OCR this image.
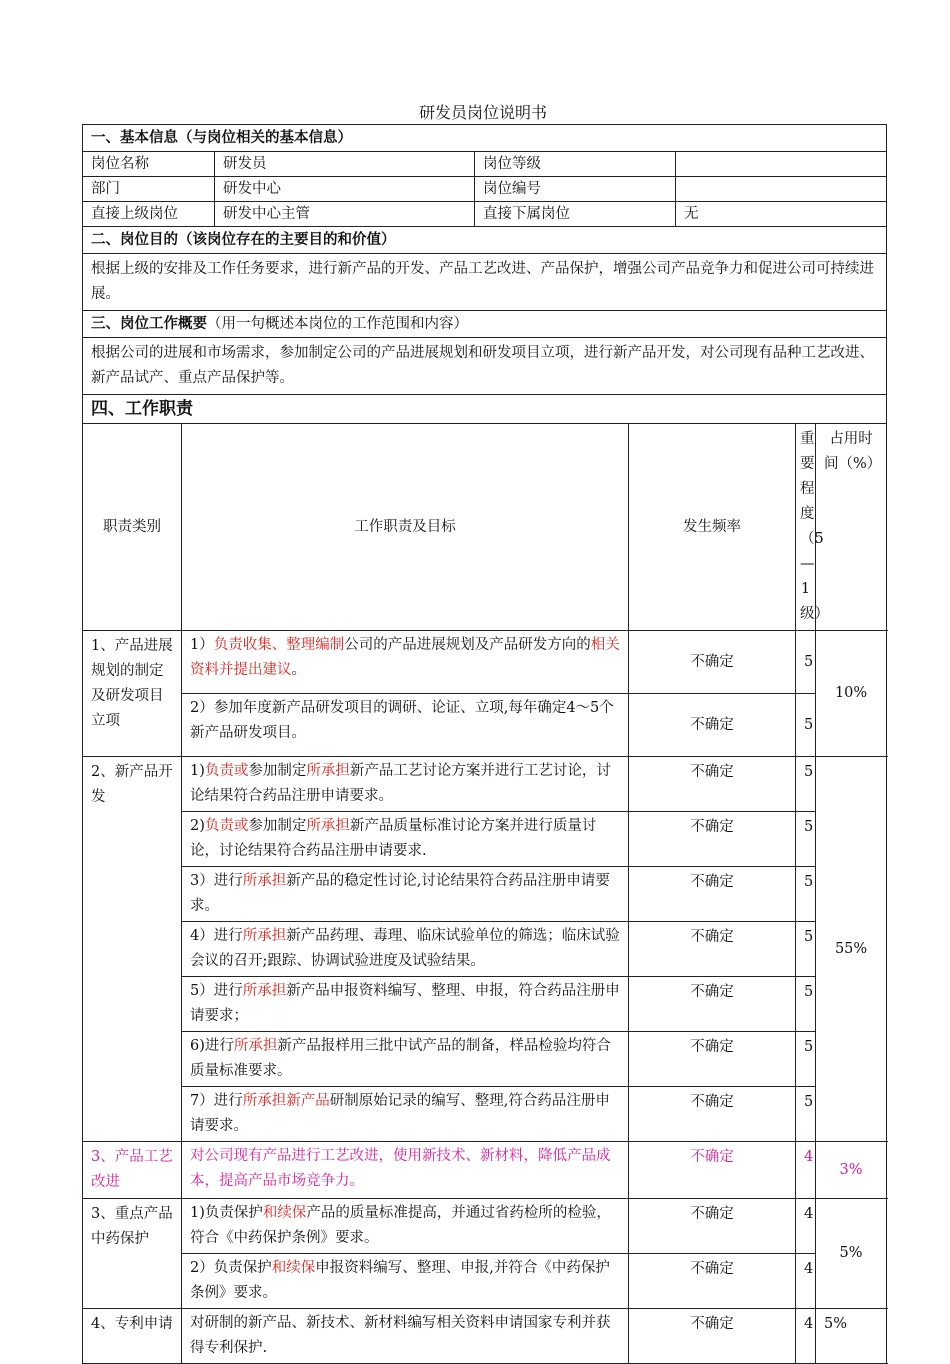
研发员岗位说明书
一、基本信息（与岗位相关的基本信息）							
岗位名称		研发员	岗位等级				
部门		研发中心	岗位编号				
直接上级岗位		研发中心主管	直接下属岗位		无		
二、岗位目的（该岗位存在的主要目的和价值）							
根据上级的安排及工作任务要求，进行新产品的开发、产品工艺改进、产品保护，增强公司产品竞争力和促进公司可持续进展。							
三、岗位工作概要（用一句概述本岗位的工作范围和内容）							
根据公司的进展和市场需求，参加制定公司的产品进展规划和研发项目立项，进行新产品开发，对公司现有品种工艺改进、新产品试产、重点产品保护等。							
四、工作职责							
职责类别	工作职责及目标			发生频率		重要程度（5—1级）	占用时间（%）
1、产品进展规划的制定及研发项目立项	1）负责收集、整理编制公司的产品进展规划及产品研发方向的相关资料并提出建议。			不确定		5	10%
	2）参加年度新产品研发项目的调研、论证、立项,每年确定4～5个新产品研发项目。			不确定		5	
2、新产品开发	1)负责或参加制定所承担新产品工艺讨论方案并进行工艺讨论，讨论结果符合药品注册申请要求。			不确定		5	55%
	2)负责或参加制定所承担新产品质量标准讨论方案并进行质量讨论，讨论结果符合药品注册申请要求.			不确定		5	
	3）进行所承担新产品的稳定性讨论,讨论结果符合药品注册申请要求。			不确定		5	
	4）进行所承担新产品药理、毒理、临床试验单位的筛选；临床试验会议的召开;跟踪、协调试验进度及试验结果。			不确定		5	
	5）进行所承担新产品申报资料编写、整理、申报，符合药品注册申请要求；			不确定		5	
	6)进行所承担新产品报样用三批中试产品的制备，样品检验均符合质量标准要求。			不确定		5	
	7）进行所承担新产品研制原始记录的编写、整理,符合药品注册申请要求。			不确定		5	
3、产品工艺改进	对公司现有产品进行工艺改进，使用新技术、新材料，降低产品成本，提高产品市场竞争力。			不确定		4	3%
3、重点产品中药保护	1)负责保护和续保产品的质量标准提高，并通过省药检所的检验，符合《中药保护条例》要求。			不确定		4	5%
	2）负责保护和续保申报资料编写、整理、申报,并符合《中药保护条例》要求。			不确定		4	
4、专利申请	对研制的新产品、新技术、新材料编写相关资料申请国家专利并获得专利保护.			不确定		4	5%
